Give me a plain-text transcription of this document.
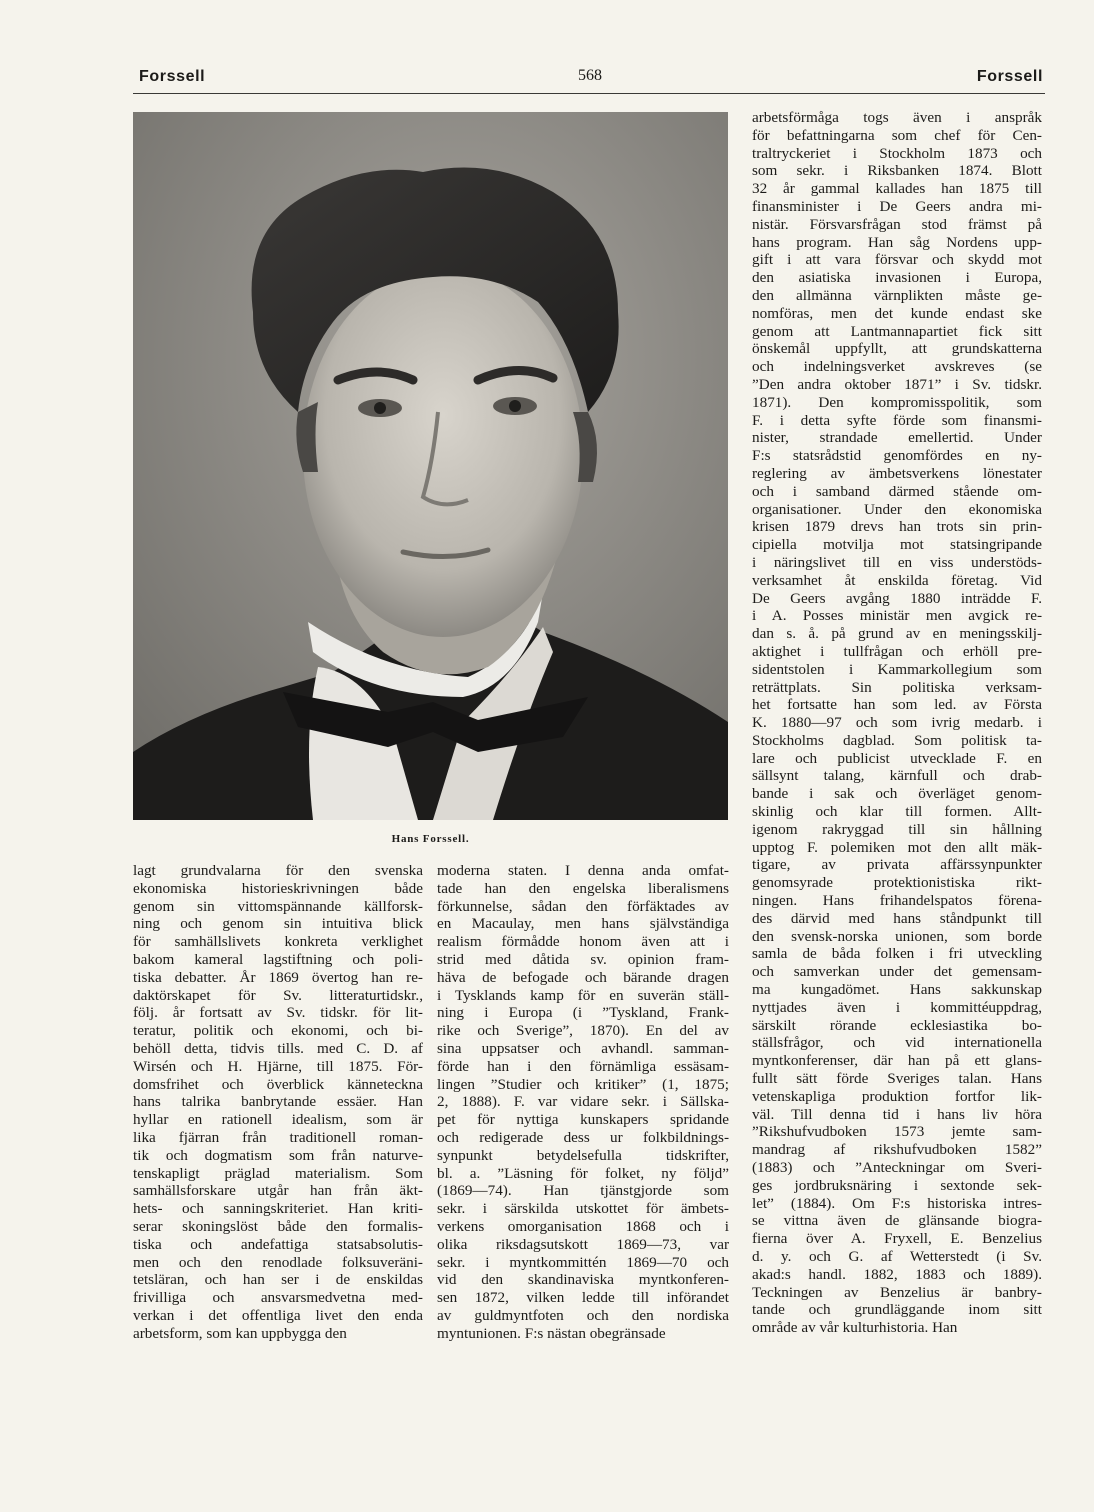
Forssell	568	Forssell
Hans Forssell.
lagt grundvalarna för den svenska
ekonomiska historieskrivningen både
genom sin vittomspännande källforsk-
ning och genom sin intuitiva blick
för samhällslivets konkreta verklighet
bakom kameral lagstiftning och poli-
tiska debatter. År 1869 övertog han re-
daktörskapet för Sv. litteraturtidskr.,
följ. år fortsatt av Sv. tidskr. för lit-
teratur, politik och ekonomi, och bi-
behöll detta, tidvis tills. med C. D. af
Wirsén och H. Hjärne, till 1875. För-
domsfrihet och överblick känneteckna
hans talrika banbrytande essäer. Han
hyllar en rationell idealism, som är
lika fjärran från traditionell roman-
tik och dogmatism som från naturve-
tenskapligt präglad materialism. Som
samhällsforskare utgår han från äkt-
hets- och sanningskriteriet. Han kriti-
serar skoningslöst både den formalis-
tiska och andefattiga statsabsolutis-
men och den renodlade folksuveräni-
tetsläran, och han ser i de enskildas
frivilliga och ansvarsmedvetna med-
verkan i det offentliga livet den enda
arbetsform, som kan uppbygga den
moderna staten. I denna anda omfat-
tade han den engelska liberalismens
förkunnelse, sådan den förfäktades av
en Macaulay, men hans självständiga
realism förmådde honom även att i
strid med dåtida sv. opinion fram-
häva de befogade och bärande dragen
i Tysklands kamp för en suverän ställ-
ning i Europa (i ”Tyskland, Frank-
rike och Sverige”, 1870). En del av
sina uppsatser och avhandl. samman-
förde han i den förnämliga essäsam-
lingen ”Studier och kritiker” (1, 1875;
2, 1888). F. var vidare sekr. i Sällska-
pet för nyttiga kunskapers spridande
och redigerade dess ur folkbildnings-
synpunkt betydelsefulla tidskrifter,
bl. a. ”Läsning för folket, ny följd”
(1869—74). Han tjänstgjorde som
sekr. i särskilda utskottet för ämbets-
verkens omorganisation 1868 och i
olika riksdagsutskott 1869—73, var
sekr. i myntkommittén 1869—70 och
vid den skandinaviska myntkonferen-
sen 1872, vilken ledde till införandet
av guldmyntfoten och den nordiska
myntunionen. F:s nästan obegränsade
arbetsförmåga togs även i anspråk
för befattningarna som chef för Cen-
traltryckeriet i Stockholm 1873 och
som sekr. i Riksbanken 1874. Blott
32 år gammal kallades han 1875 till
finansminister i De Geers andra mi-
nistär. Försvarsfrågan stod främst på
hans program. Han såg Nordens upp-
gift i att vara försvar och skydd mot
den asiatiska invasionen i Europa,
den allmänna värnplikten måste ge-
nomföras, men det kunde endast ske
genom att Lantmannapartiet fick sitt
önskemål uppfyllt, att grundskatterna
och indelningsverket avskreves (se
”Den andra oktober 1871” i Sv. tidskr.
1871). Den kompromisspolitik, som
F. i detta syfte förde som finansmi-
nister, strandade emellertid. Under
F:s statsrådstid genomfördes en ny-
reglering av ämbetsverkens lönestater
och i samband därmed stående om-
organisationer. Under den ekonomiska
krisen 1879 drevs han trots sin prin-
cipiella motvilja mot statsingripande
i näringslivet till en viss understöds-
verksamhet åt enskilda företag. Vid
De Geers avgång 1880 inträdde F.
i A. Posses ministär men avgick re-
dan s. å. på grund av en meningsskilj-
aktighet i tullfrågan och erhöll pre-
sidentstolen i Kammarkollegium som
reträttplats. Sin politiska verksam-
het fortsatte han som led. av Första
K. 1880—97 och som ivrig medarb. i
Stockholms dagblad. Som politisk ta-
lare och publicist utvecklade F. en
sällsynt talang, kärnfull och drab-
bande i sak och överläget genom-
skinlig och klar till formen. Allt-
igenom rakryggad till sin hållning
upptog F. polemiken mot den allt mäk-
tigare, av privata affärssynpunkter
genomsyrade protektionistiska rikt-
ningen. Hans frihandelspatos förena-
des därvid med hans ståndpunkt till
den svensk-norska unionen, som borde
samla de båda folken i fri utveckling
och samverkan under det gemensam-
ma kungadömet. Hans sakkunskap
nyttjades även i kommittéuppdrag,
särskilt rörande ecklesiastika bo-
ställsfrågor, och vid internationella
myntkonferenser, där han på ett glans-
fullt sätt förde Sveriges talan. Hans
vetenskapliga produktion fortfor lik-
väl. Till denna tid i hans liv höra
”Rikshufvudboken 1573 jemte sam-
mandrag af rikshufvudboken 1582”
(1883) och ”Anteckningar om Sveri-
ges jordbruksnäring i sextonde sek-
let” (1884). Om F:s historiska intres-
se vittna även de glänsande biogra-
fierna över A. Fryxell, E. Benzelius
d. y. och G. af Wetterstedt (i Sv.
akad:s handl. 1882, 1883 och 1889).
Teckningen av Benzelius är banbry-
tande och grundläggande inom sitt
område av vår kulturhistoria. Han
